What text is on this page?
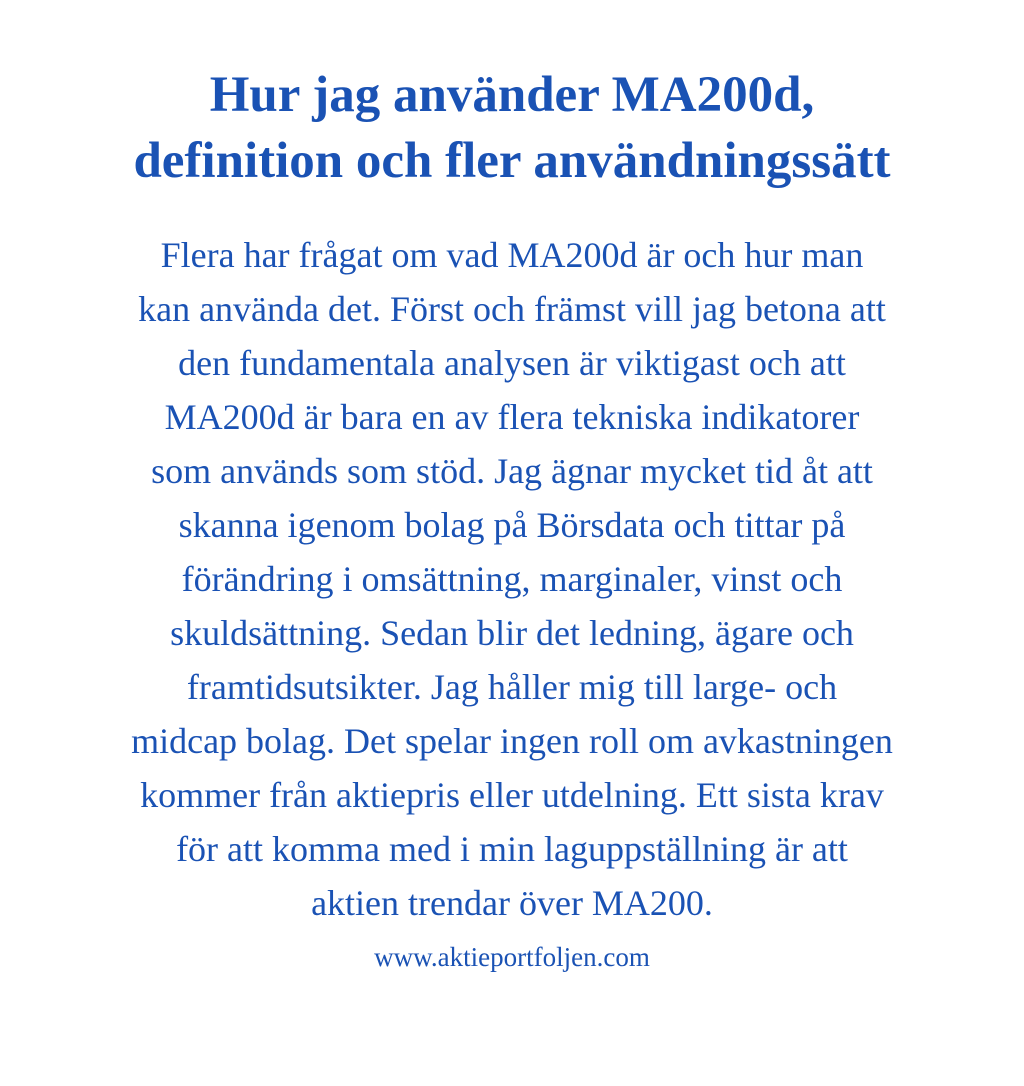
Hur jag använder MA200d,
definition och fler användningssätt
Flera har frågat om vad MA200d är och hur man
kan använda det. Först och främst vill jag betona att
den fundamentala analysen är viktigast och att
MA200d är bara en av flera tekniska indikatorer
som används som stöd. Jag ägnar mycket tid åt att
skanna igenom bolag på Börsdata och tittar på
förändring i omsättning, marginaler, vinst och
skuldsättning. Sedan blir det ledning, ägare och
framtidsutsikter. Jag håller mig till large- och
midcap bolag. Det spelar ingen roll om avkastningen
kommer från aktiepris eller utdelning. Ett sista krav
för att komma med i min laguppställning är att
aktien trendar över MA200.
www.aktieportfoljen.com
